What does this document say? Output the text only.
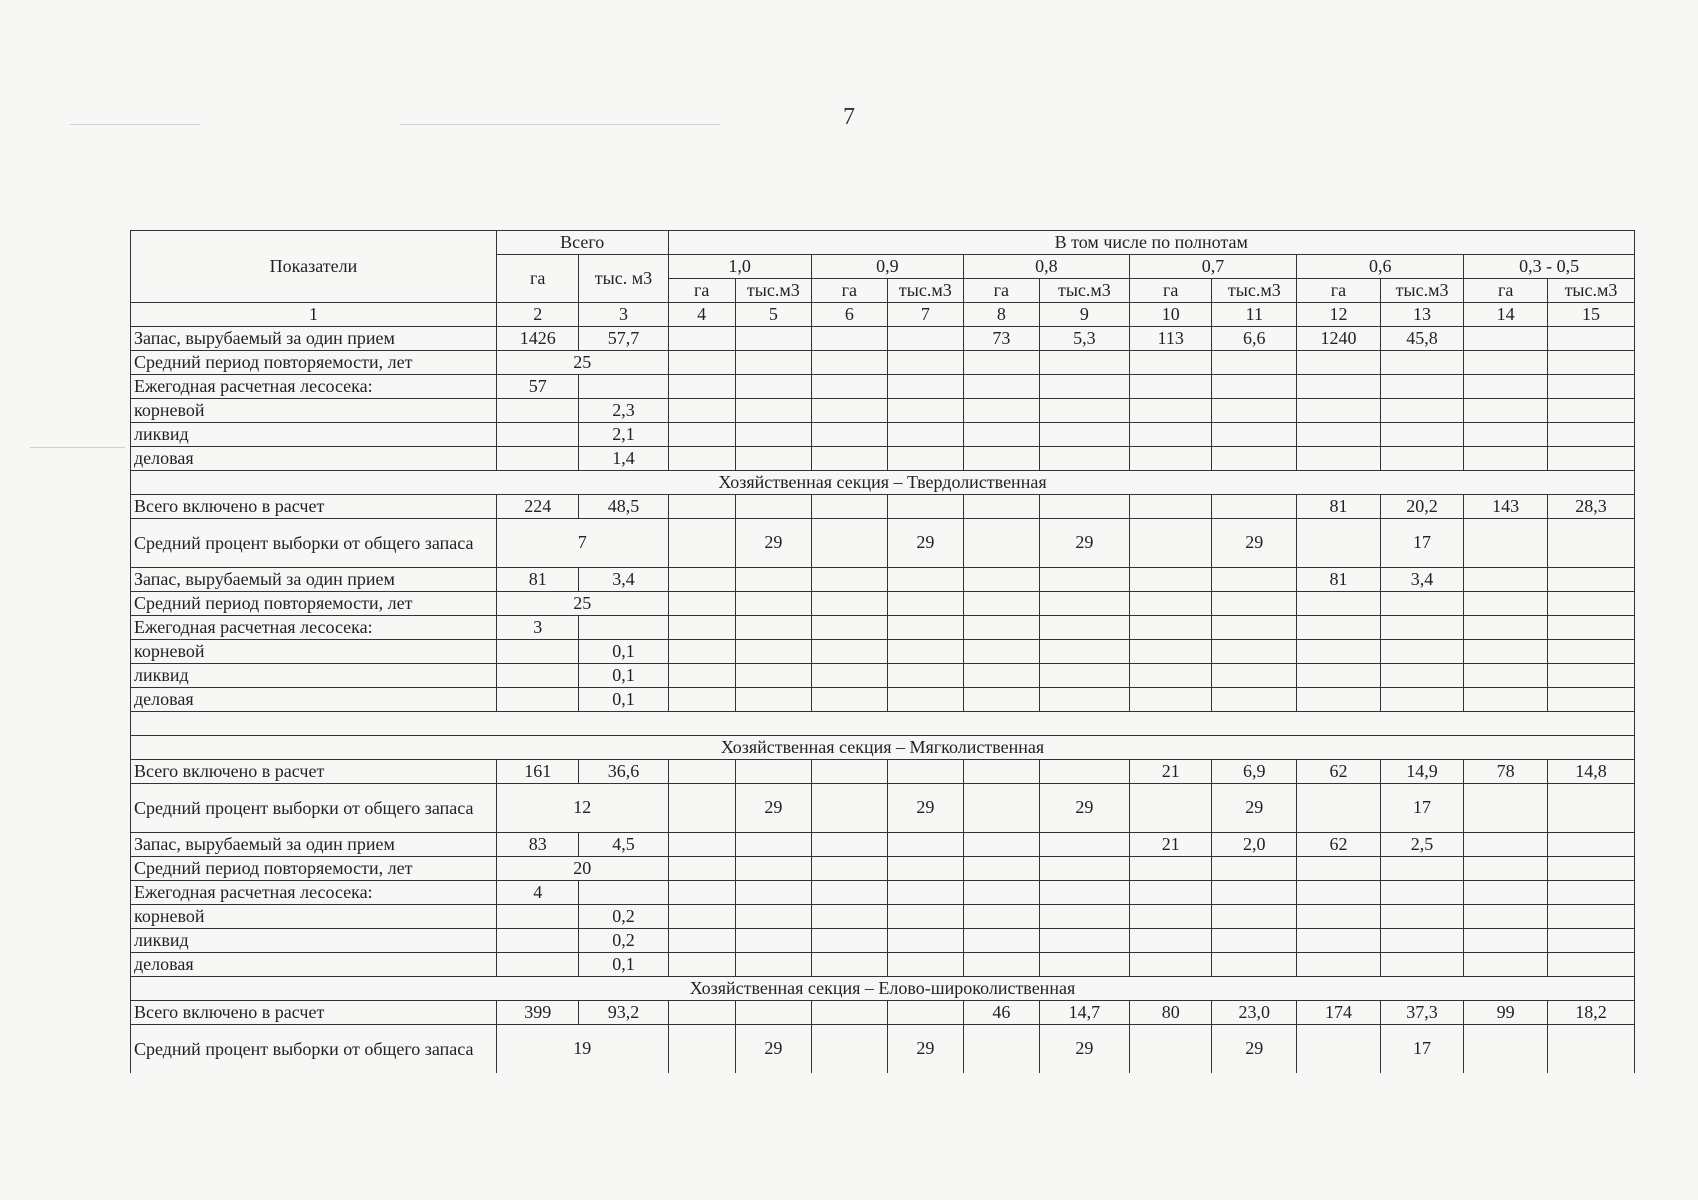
7
Показатели	Всего		В том числе по полнотам											
	га	тыс. м3	1,0		0,9		0,8		0,7		0,6		0,3 - 0,5	
			га	тыс.м3	га	тыс.м3	га	тыс.м3	га	тыс.м3	га	тыс.м3	га	тыс.м3
1	2	3	4	5	6	7	8	9	10	11	12	13	14	15
Запас, вырубаемый за один прием	1426	57,7					73	5,3	113	6,6	1240	45,8		
Средний период повторяемости, лет	25													
Ежегодная расчетная лесосека:	57													
корневой		2,3												
ликвид		2,1												
деловая		1,4												
Хозяйственная секция – Твердолиственная														
Всего включено в расчет	224	48,5									81	20,2	143	28,3
Средний процент выборки от общего запаса	7			29		29		29		29		17		
Запас, вырубаемый за один прием	81	3,4									81	3,4		
Средний период повторяемости, лет	25													
Ежегодная расчетная лесосека:	3													
корневой		0,1												
ликвид		0,1												
деловая		0,1												

Хозяйственная секция – Мягколиственная														
Всего включено в расчет	161	36,6							21	6,9	62	14,9	78	14,8
Средний процент выборки от общего запаса	12			29		29		29		29		17		
Запас, вырубаемый за один прием	83	4,5							21	2,0	62	2,5		
Средний период повторяемости, лет	20													
Ежегодная расчетная лесосека:	4													
корневой		0,2												
ликвид		0,2												
деловая		0,1												
Хозяйственная секция – Елово-широколиственная														
Всего включено в расчет	399	93,2					46	14,7	80	23,0	174	37,3	99	18,2
Средний процент выборки от общего запаса	19			29		29		29		29		17		
